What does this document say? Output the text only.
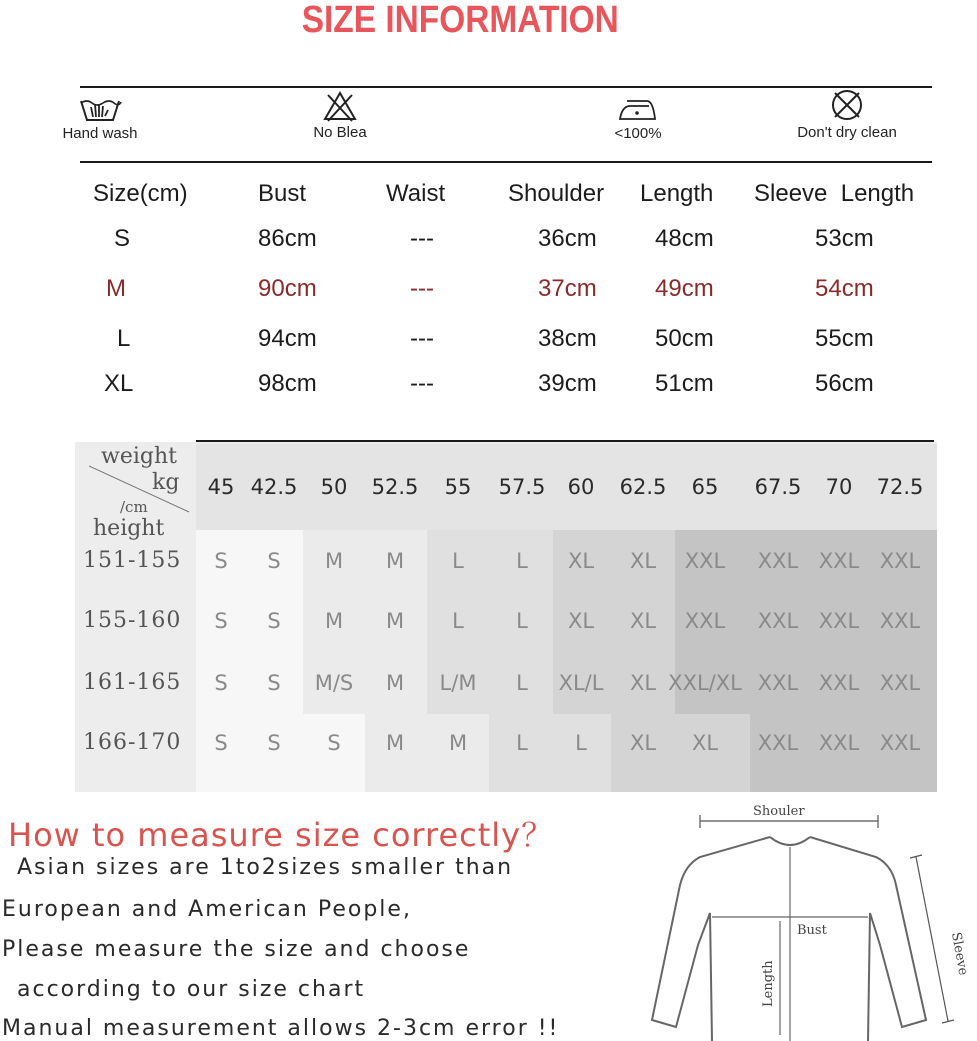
SIZE INFORMATION
Hand wash	No Blea	<100%	Don't dry clean
Size(cm)	Bust	Waist	Shoulder Length Sleeve  Length
S	86cm	---	36cm 48cm	53cm
M	90cm	---	37cm 49cm	54cm
L	94cm	---	38cm 50cm	55cm
XL	98cm	---	39cm 51cm	56cm
weight
kg
/cm
height
45 42.5 50 52.5 55 57.5 60 62.5 65 67.5 70 72.5
151-155 S S M M L L XL XL XXL XXL XXL XXL
155-160 S S M M L L XL XL XXL XXL XXL XXL
161-165 S S M/S M L/M L XL/L XL XXL/XL XXL XXL XXL
166-170 S S S M M L L XL XL XXL XXL XXL
How to measure size correctly？
Asian sizes are 1to2sizes smaller than
European and American People,
Please measure the size and choose
according to our size chart
Manual measurement allows 2-3cm error !!
Shouler
Bust
Length
Sleeve
